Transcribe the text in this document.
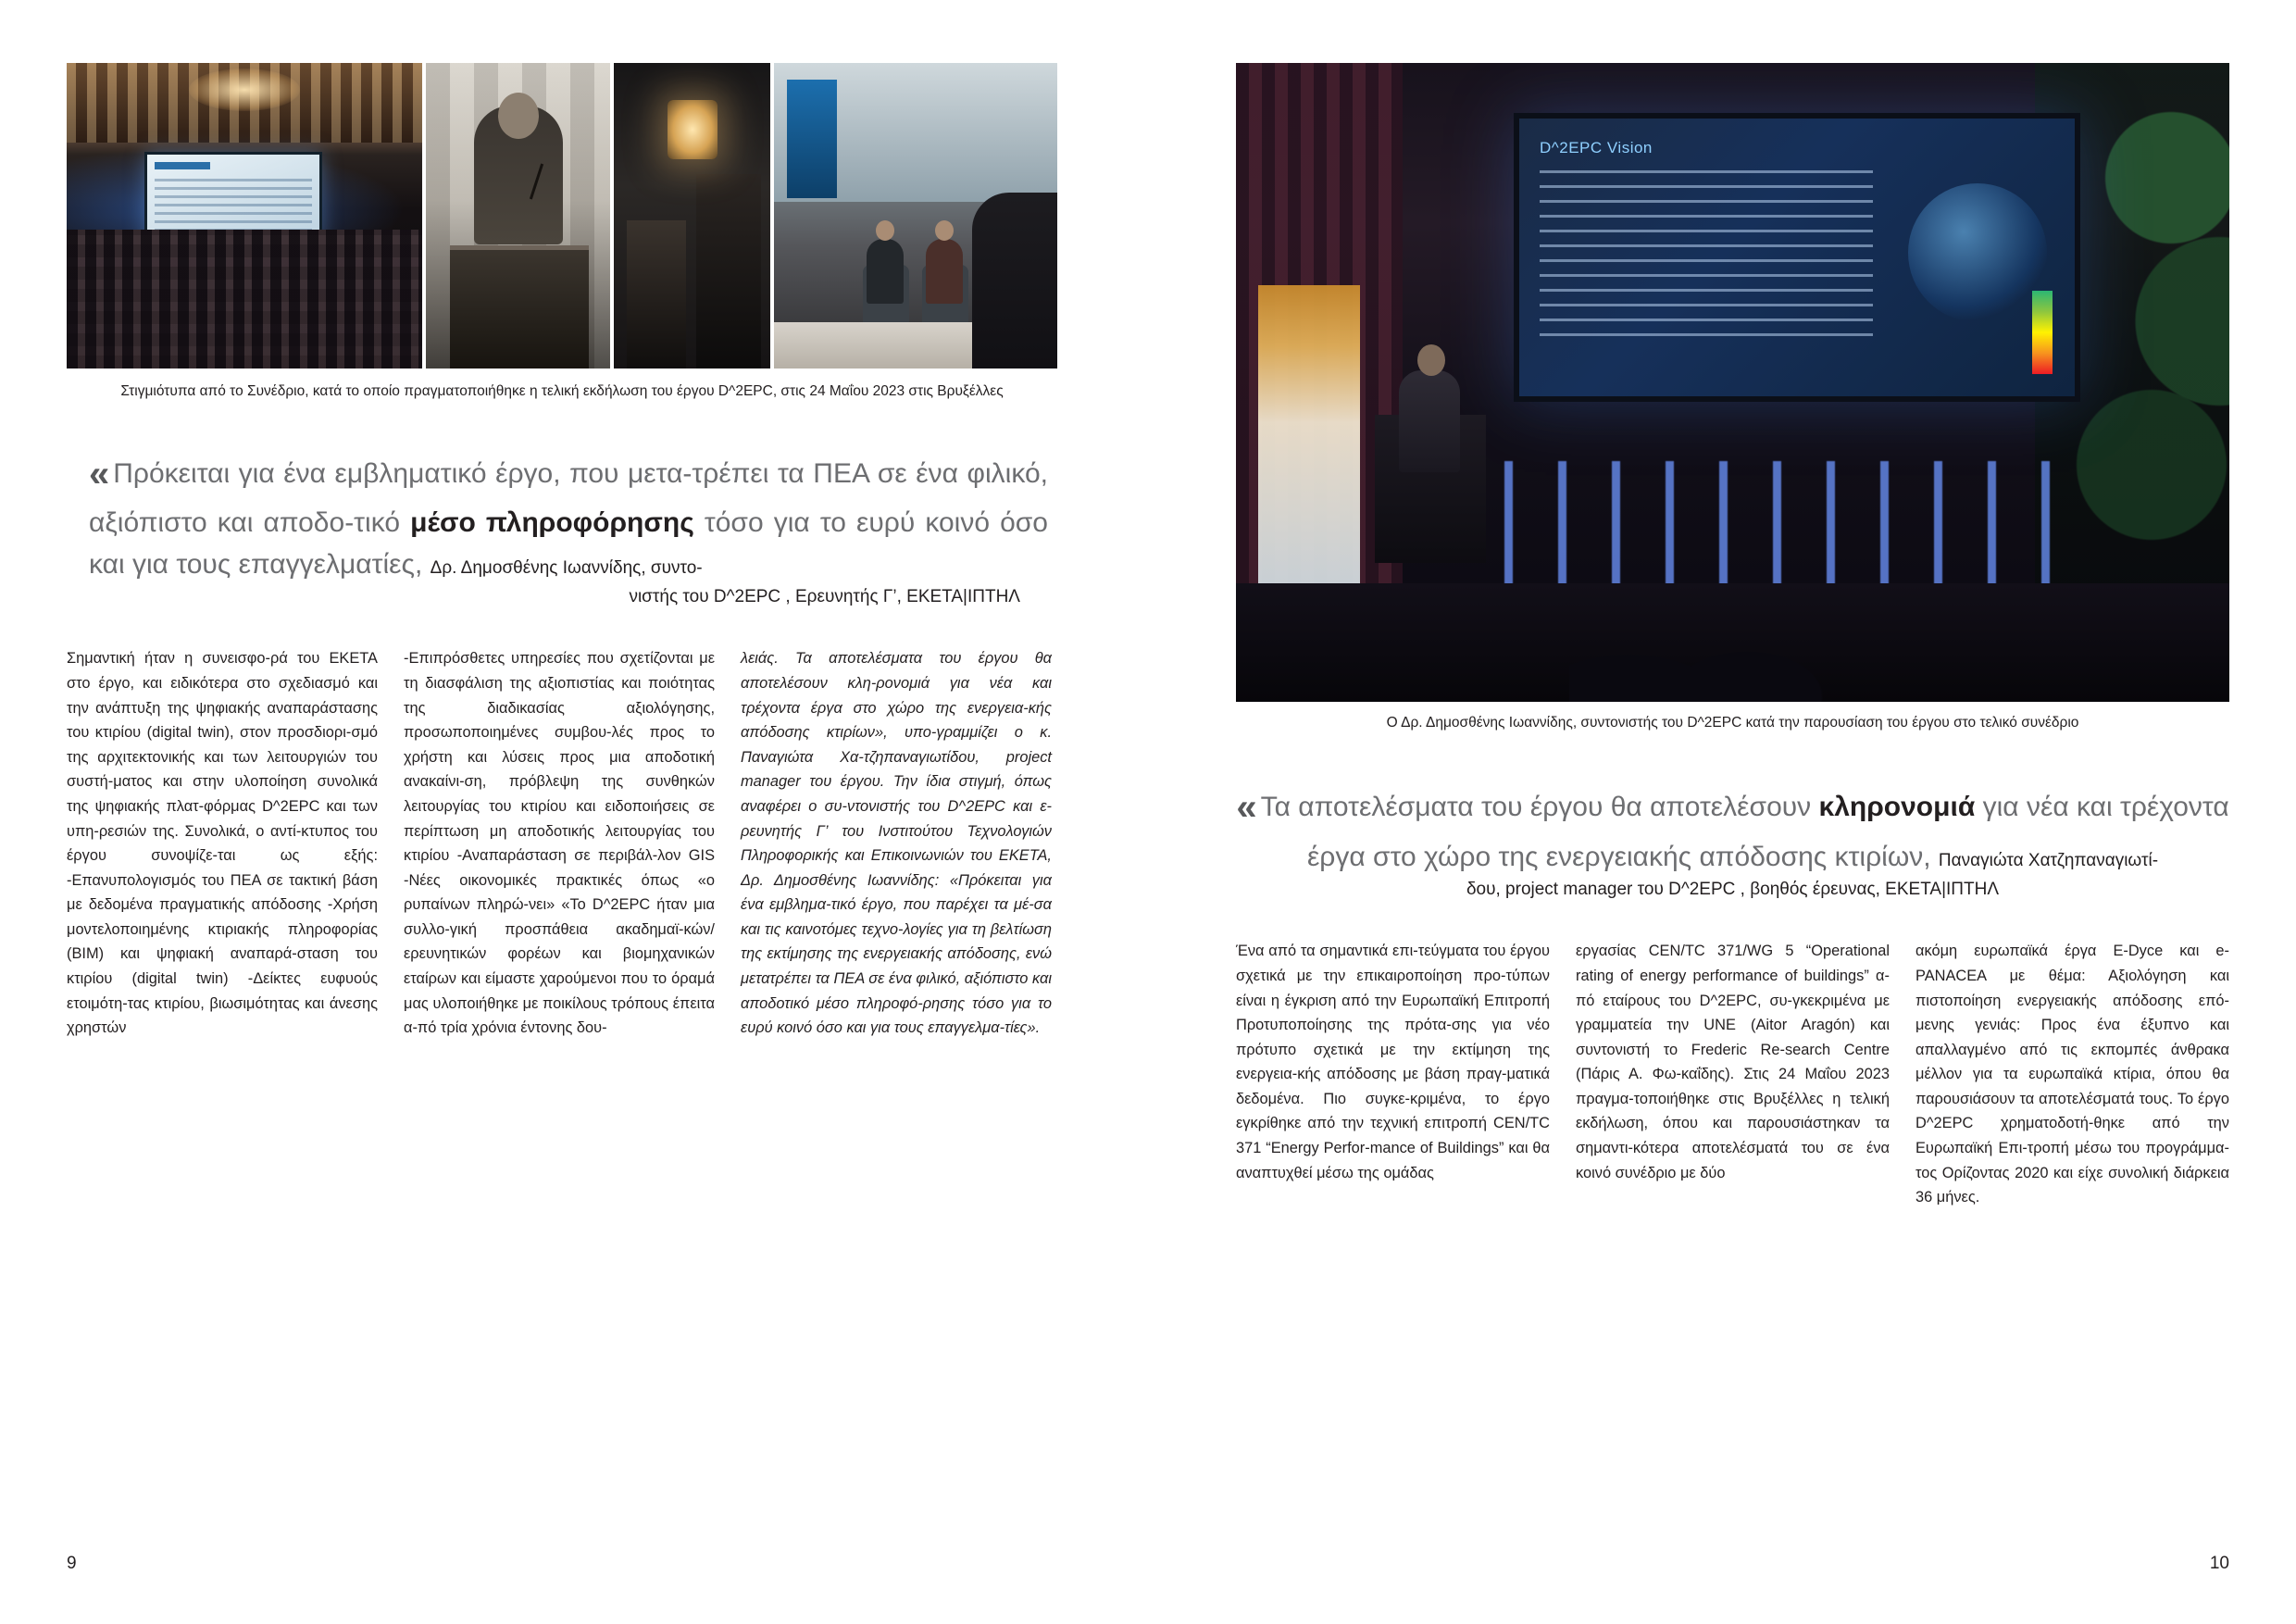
Στιγμιότυπα από το Συνέδριο, κατά το οποίο πραγματοποιήθηκε η τελική εκδήλωση του έργου D^2EPC, στις 24 Μαΐου 2023 στις Βρυξέλλες
« Πρόκειται για ένα εμβληματικό έργο, που μετα-τρέπει τα ΠΕΑ σε ένα φιλικό, αξιόπιστο και αποδο-τικό μέσο πληροφόρησης τόσο για το ευρύ κοινό όσο και για τους επαγγελματίες, Δρ. Δημοσθένης Ιωαννίδης, συντο-
νιστής του D^2EPC , Ερευνητής Γ’, ΕΚΕΤΑ|ΙΠΤΗΛ

Σημαντική ήταν η συνεισφο-ρά του ΕΚΕΤΑ στο έργο, και ειδικότερα στο σχεδιασμό και την ανάπτυξη της ψηφιακής αναπαράστασης του κτιρίου (digital twin), στον προσδιορι-σμό της αρχιτεκτονικής και των λειτουργιών του συστή-ματος και στην υλοποίηση συνολικά της ψηφιακής πλατ-φόρμας D^2EPC και των υπη-ρεσιών της. Συνολικά, ο αντί-κτυπος του έργου συνοψίζε-ται ως εξής: -Επανυπολογισμός του ΠΕΑ σε τακτική βάση με δεδομένα πραγματικής απόδοσης -Χρήση μοντελοποιημένης κτιριακής πληροφορίας (BIM) και ψηφιακή αναπαρά-σταση του κτιρίου (digital twin) -Δείκτες ευφυούς ετοιμότη-τας κτιρίου, βιωσιμότητας και άνεσης χρηστών

-Επιπρόσθετες υπηρεσίες που σχετίζονται με τη διασφάλιση της αξιοπιστίας και ποιότητας της διαδικασίας αξιολόγησης, προσωποποιημένες συμβου-λές προς το χρήστη και λύσεις προς μια αποδοτική ανακαίνι-ση, πρόβλεψη της συνθηκών λειτουργίας του κτιρίου και ειδοποιήσεις σε περίπτωση μη αποδοτικής λειτουργίας του κτιρίου -Αναπαράσταση σε περιβάλ-λον GIS -Νέες οικονομικές πρακτικές όπως «ο ρυπαίνων πληρώ-νει» «Το D^2EPC ήταν μια συλλο-γική προσπάθεια ακαδημαϊ-κών/ερευνητικών φορέων και βιομηχανικών εταίρων και είμαστε χαρούμενοι που το όραμά μας υλοποιήθηκε με ποικίλους τρόπους έπειτα α-πό τρία χρόνια έντονης δου-

λειάς. Τα αποτελέσματα του έργου θα αποτελέσουν κλη-ρονομιά για νέα και τρέχοντα έργα στο χώρο της ενεργεια-κής απόδοσης κτιρίων», υπο-γραμμίζει ο κ. Παναγιώτα Χα-τζηπαναγιωτίδου, project manager του έργου. Την ίδια στιγμή, όπως αναφέρει ο συ-ντονιστής του D^2EPC και ε-ρευνητής Γ’ του Ινστιτούτου Τεχνολογιών Πληροφορικής και Επικοινωνιών του ΕΚΕΤΑ, Δρ. Δημοσθένης Ιωαννίδης: «Πρόκειται για ένα εμβλημα-τικό έργο, που παρέχει τα μέ-σα και τις καινοτόμες τεχνο-λογίες για τη βελτίωση της εκτίμησης της ενεργειακής απόδοσης, ενώ μετατρέπει τα ΠΕΑ σε ένα φιλικό, αξιόπιστο και αποδοτικό μέσο πληροφό-ρησης τόσο για το ευρύ κοινό όσο και για τους επαγγελμα-τίες».

9
D^2EPC Vision
Ο Δρ. Δημοσθένης Ιωαννίδης, συντονιστής του D^2EPC κατά την παρουσίαση του έργου στο τελικό συνέδριο
« Τα αποτελέσματα του έργου θα αποτελέσουν κληρονομιά για νέα και τρέχοντα έργα στο χώρο της ενεργειακής απόδοσης κτιρίων, Παναγιώτα Χατζηπαναγιωτί-
δου, project manager του D^2EPC , βοηθός έρευνας, ΕΚΕΤΑ|ΙΠΤΗΛ

Ένα από τα σημαντικά επι-τεύγματα του έργου σχετικά με την επικαιροποίηση προ-τύπων είναι η έγκριση από την Ευρωπαϊκή Επιτροπή Προτυποποίησης της πρότα-σης για νέο πρότυπο σχετικά με την εκτίμηση της ενεργεια-κής απόδοσης με βάση πραγ-ματικά δεδομένα. Πιο συγκε-κριμένα, το έργο εγκρίθηκε από την τεχνική επιτροπή CEN/TC 371 “Energy Perfor-mance of Buildings” και θα αναπτυχθεί μέσω της ομάδας

εργασίας CEN/TC 371/WG 5 “Operational rating of energy performance of buildings” α-πό εταίρους του D^2EPC, συ-γκεκριμένα με γραμματεία την UNE (Aitor Aragón) και συντονιστή το Frederic Re-search Centre (Πάρις Α. Φω-καΐδης). Στις 24 Μαΐου 2023 πραγμα-τοποιήθηκε στις Βρυξέλλες η τελική εκδήλωση, όπου και παρουσιάστηκαν τα σημαντι-κότερα αποτελέσματά του σε ένα κοινό συνέδριο με δύο

ακόμη ευρωπαϊκά έργα E-Dyce και e-PANACEA με θέμα: Αξιολόγηση και πιστοποίηση ενεργειακής απόδοσης επό-μενης γενιάς: Προς ένα έξυπνο και απαλλαγμένο από τις εκπομπές άνθρακα μέλλον για τα ευρωπαϊκά κτίρια, όπου θα παρουσιάσουν τα αποτελέσματά τους. Το έργο D^2EPC χρηματοδοτή-θηκε από την Ευρωπαϊκή Επι-τροπή μέσω του προγράμμα-τος Ορίζοντας 2020 και είχε συνολική διάρκεια 36 μήνες.

10
